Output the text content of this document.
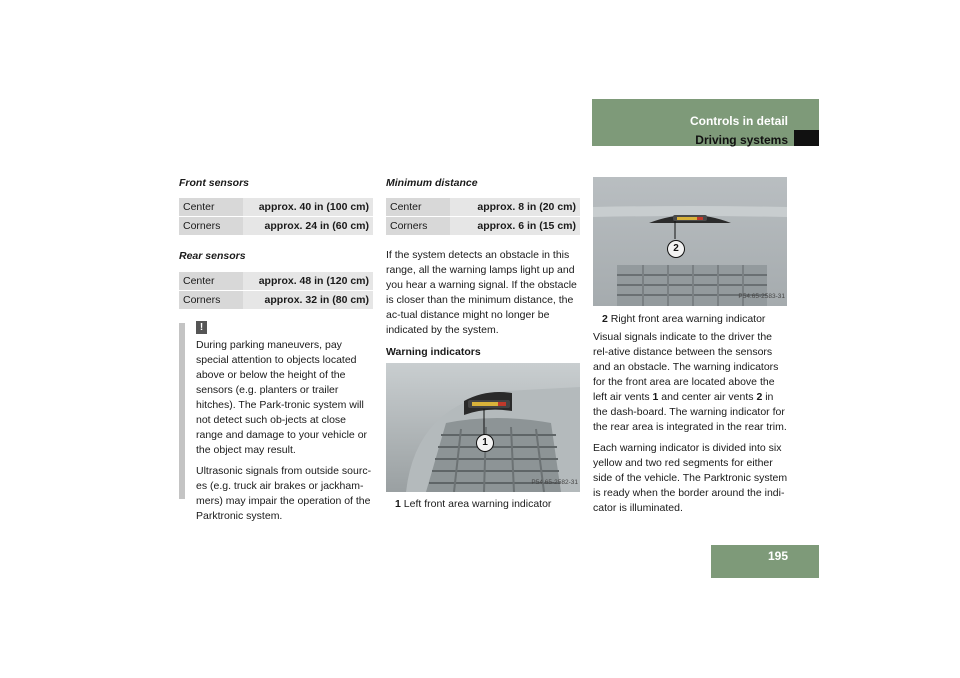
Controls in detail
Driving systems
195
Front sensors
Center	approx. 40 in (100 cm)
Corners	approx. 24 in (60 cm)
Rear sensors
Center	approx. 48 in (120 cm)
Corners	approx. 32 in (80 cm)
!

During parking maneuvers, pay special attention to objects located above or below the height of the sensors (e.g. planters or trailer hitches). The Park-tronic system will not detect such ob-jects at close range and damage to your vehicle or the object may result.

Ultrasonic signals from outside sourc-es (e.g. truck air brakes or jackham-mers) may impair the operation of the Parktronic system.

Minimum distance
Center	approx. 8 in (20 cm)
Corners	approx. 6 in (15 cm)

If the system detects an obstacle in this range, all the warning lamps light up and you hear a warning signal. If the obstacle is closer than the minimum distance, the ac-tual distance might no longer be indicated by the system.

Warning indicators
1
P54.65-2582-31
1 Left front area warning indicator
2
P54.65-2583-31
2 Right front area warning indicator

Visual signals indicate to the driver the rel-ative distance between the sensors and an obstacle. The warning indicators for the front area are located above the left air vents 1 and center air vents 2 in the dash-board. The warning indicator for the rear area is integrated in the rear trim.

Each warning indicator is divided into six yellow and two red segments for either side of the vehicle. The Parktronic system is ready when the border around the indi-cator is illuminated.
